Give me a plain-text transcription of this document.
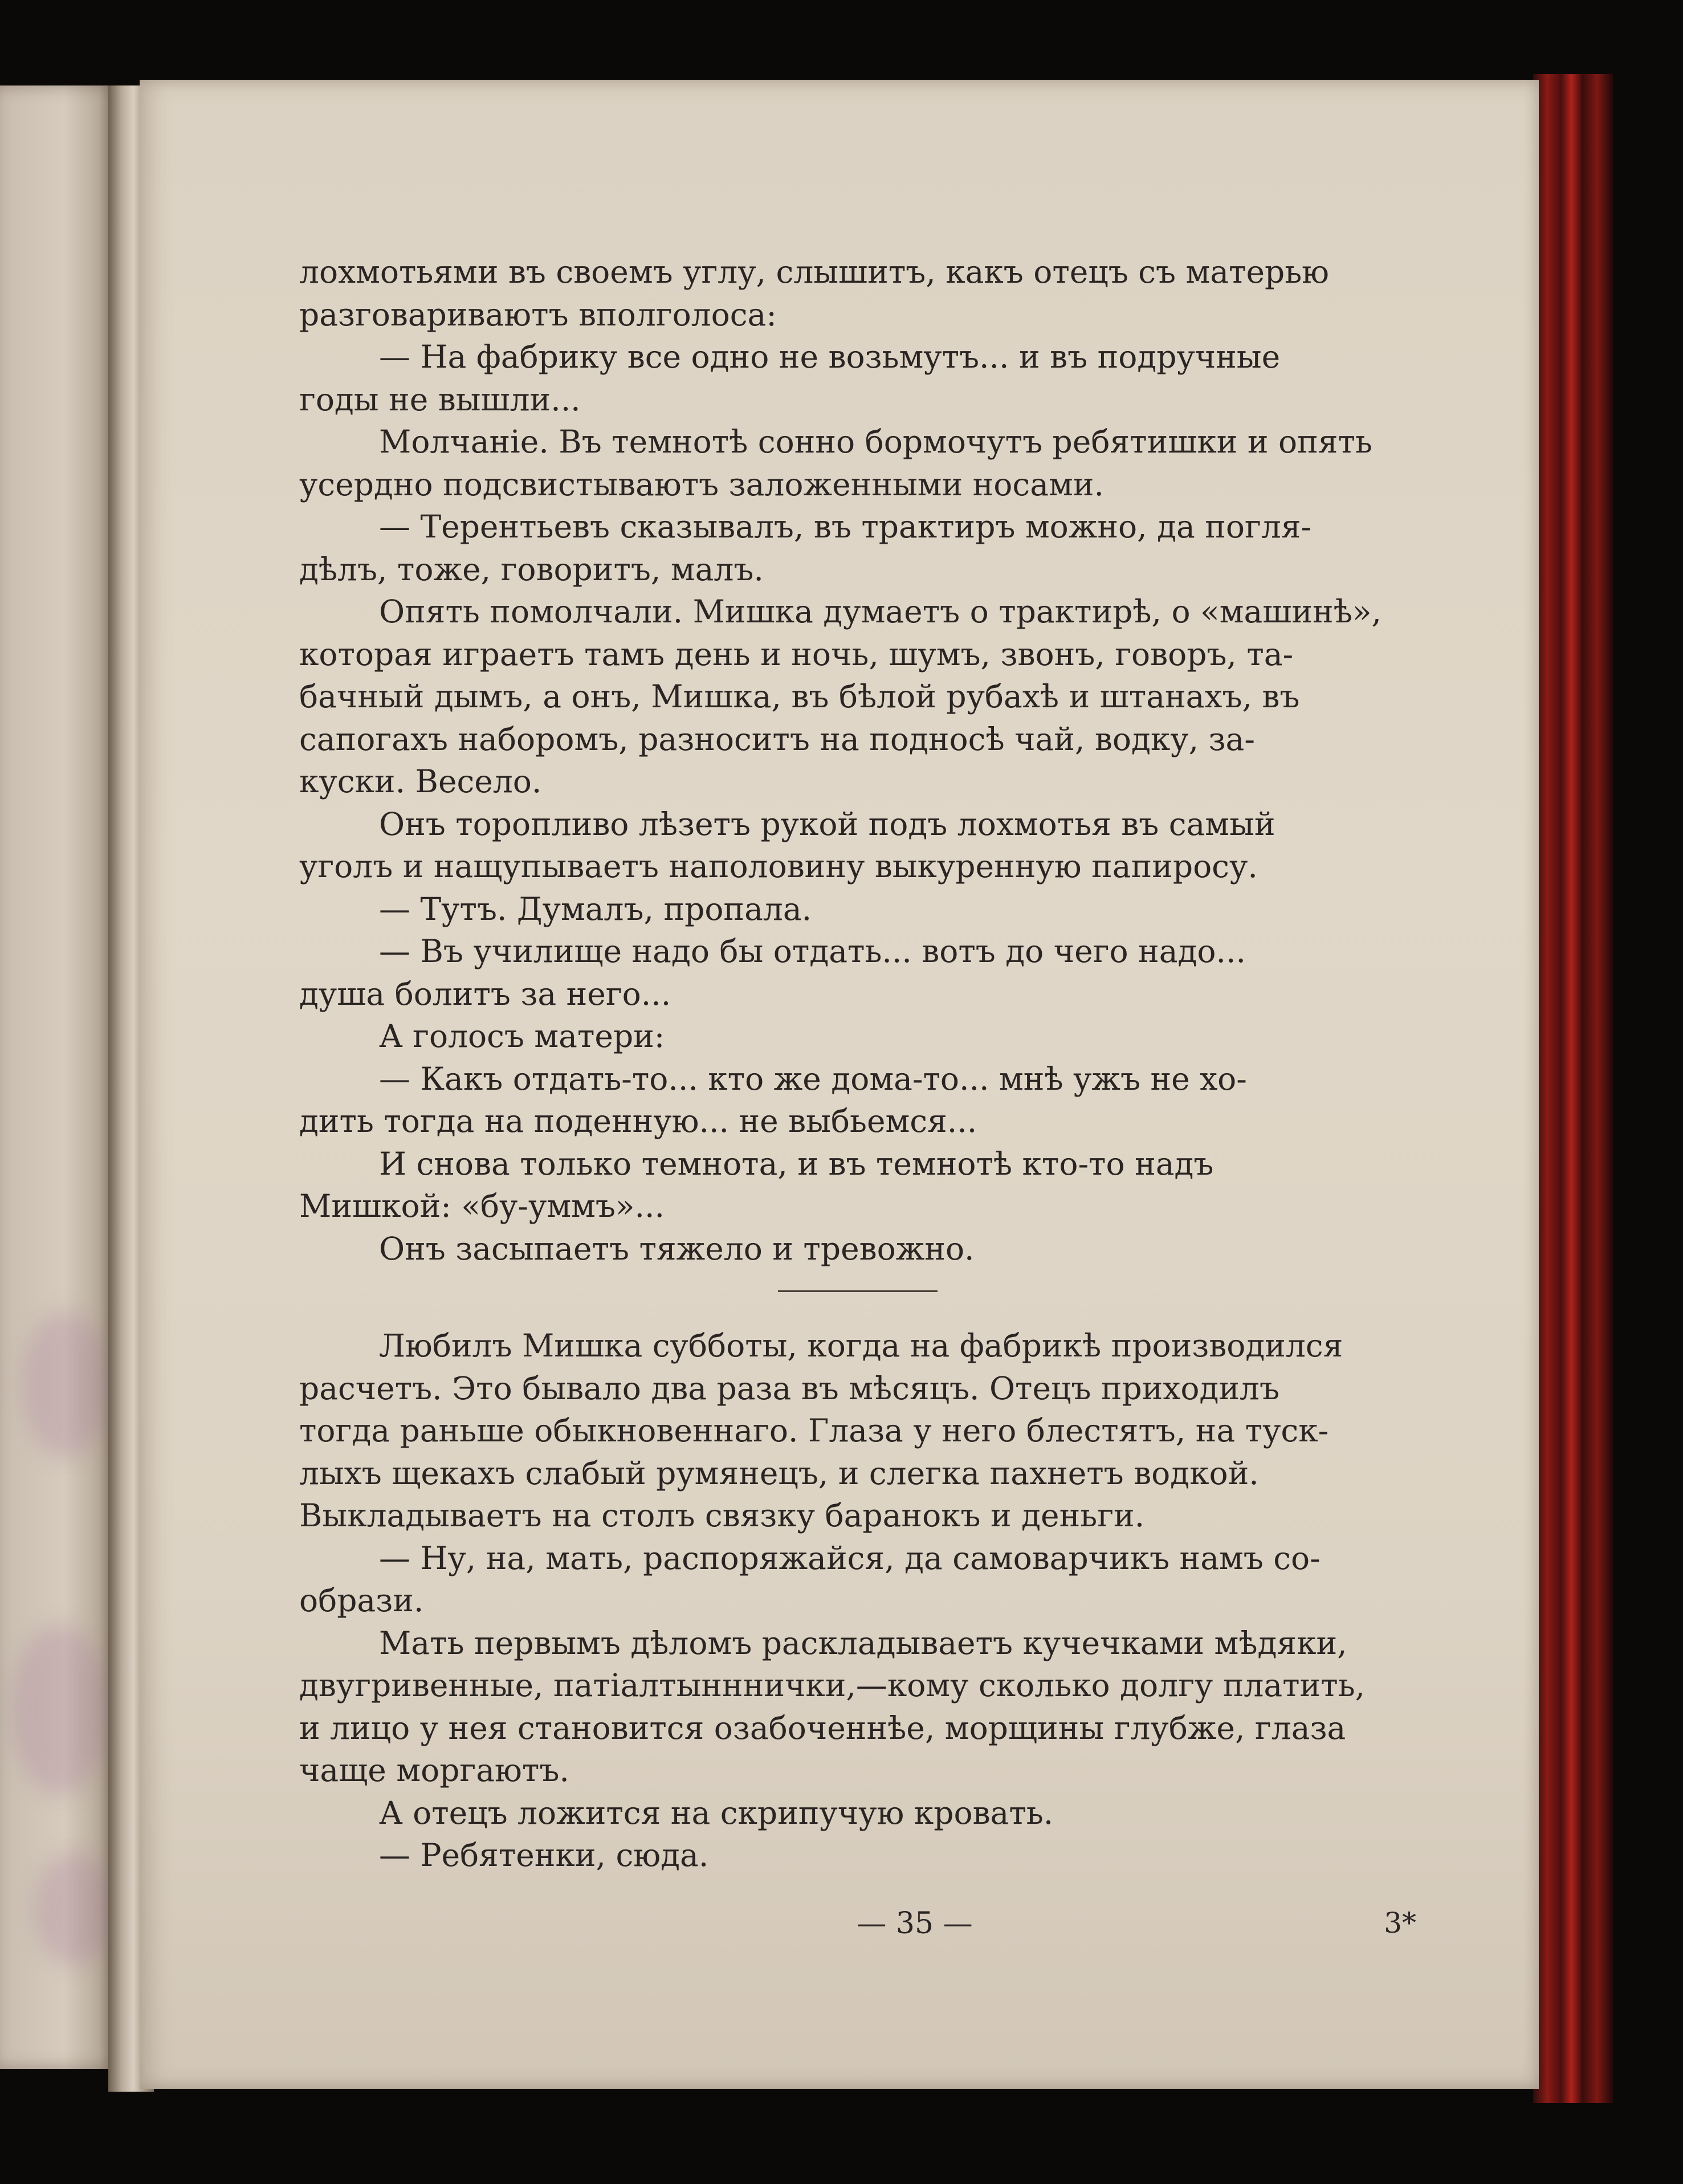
лохмотьями въ своемъ углу, слышитъ, какъ отецъ съ матерью
разговариваютъ вполголоса:

— На фабрику все одно не возьмутъ... и въ подручные
годы не вышли...

Молчаніе. Въ темнотѣ сонно бормочутъ ребятишки и опять
усердно подсвистываютъ заложенными носами.

— Терентьевъ сказывалъ, въ трактиръ можно, да погля-
дѣлъ, тоже, говоритъ, малъ.

Опять помолчали. Мишка думаетъ о трактирѣ, о «машинѣ»,
которая играетъ тамъ день и ночь, шумъ, звонъ, говоръ, та-
бачный дымъ, а онъ, Мишка, въ бѣлой рубахѣ и штанахъ, въ
сапогахъ наборомъ, разноситъ на подносѣ чай, водку, за-
куски. Весело.

Онъ торопливо лѣзетъ рукой подъ лохмотья въ самый
уголъ и нащупываетъ наполовину выкуренную папиросу.

— Тутъ. Думалъ, пропала.

— Въ училище надо бы отдать... вотъ до чего надо...
душа болитъ за него...

А голосъ матери:

— Какъ отдать-то... кто же дома-то... мнѣ ужъ не хо-
дить тогда на поденную... не выбьемся...

И снова только темнота, и въ темнотѣ кто-то надъ
Мишкой: «бу-уммъ»...

Онъ засыпаетъ тяжело и тревожно.

Любилъ Мишка субботы, когда на фабрикѣ производился
расчетъ. Это бывало два раза въ мѣсяцъ. Отецъ приходилъ
тогда раньше обыкновеннаго. Глаза у него блестятъ, на туск-
лыхъ щекахъ слабый румянецъ, и слегка пахнетъ водкой.
Выкладываетъ на столъ связку баранокъ и деньги.

— Ну, на, мать, распоряжайся, да самоварчикъ намъ со-
образи.

Мать первымъ дѣломъ раскладываетъ кучечками мѣдяки,
двугривенные, патіалтынннички,—кому сколько долгу платить,
и лицо у нея становится озабоченнѣе, морщины глубже, глаза
чаще моргаютъ.

А отецъ ложится на скрипучую кровать.

— Ребятенки, сюда.

— 35 —	3*
